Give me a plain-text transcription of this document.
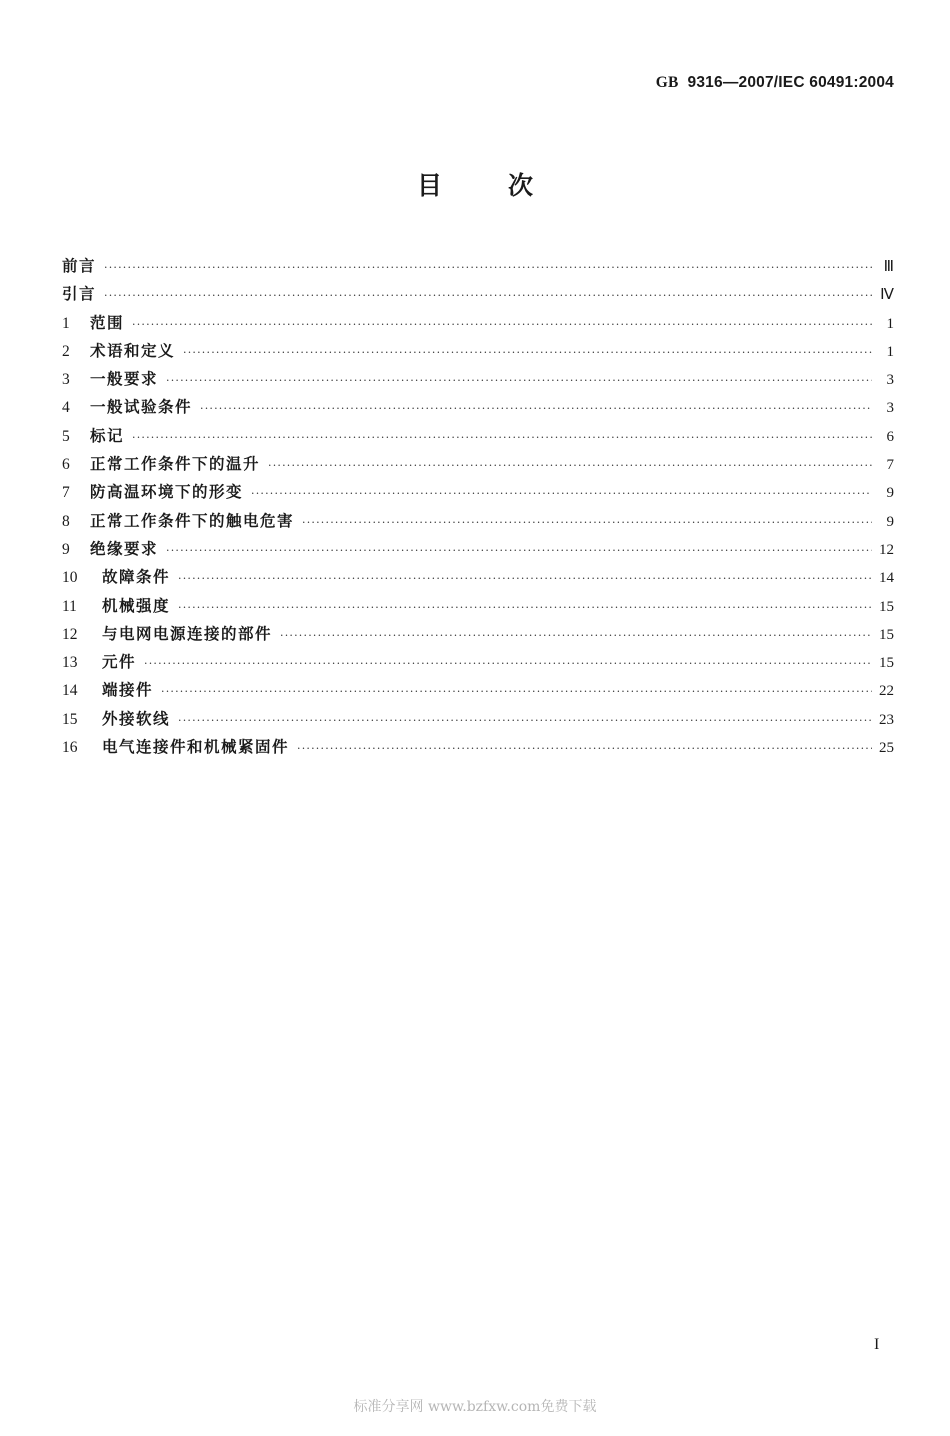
GB 9316—2007/IEC 60491:2004
目	次
前言 ·····	Ⅲ
引言 ·····	Ⅳ
1	范围 ·····	1
2	术语和定义 ·····	1
3	一般要求 ·····	3
4	一般试验条件 ·····	3
5	标记 ·····	6
6	正常工作条件下的温升 ·····	7
7	防高温环境下的形变 ·····	9
8	正常工作条件下的触电危害 ·····	9
9	绝缘要求 ·····	12
10	故障条件 ·····	14
11	机械强度 ·····	15
12	与电网电源连接的部件 ·····	15
13	元件 ·····	15
14	端接件 ·····	22
15	外接软线 ·····	23
16	电气连接件和机械紧固件 ·····	25
I
标准分享网 www.bzfxw.com免费下载
